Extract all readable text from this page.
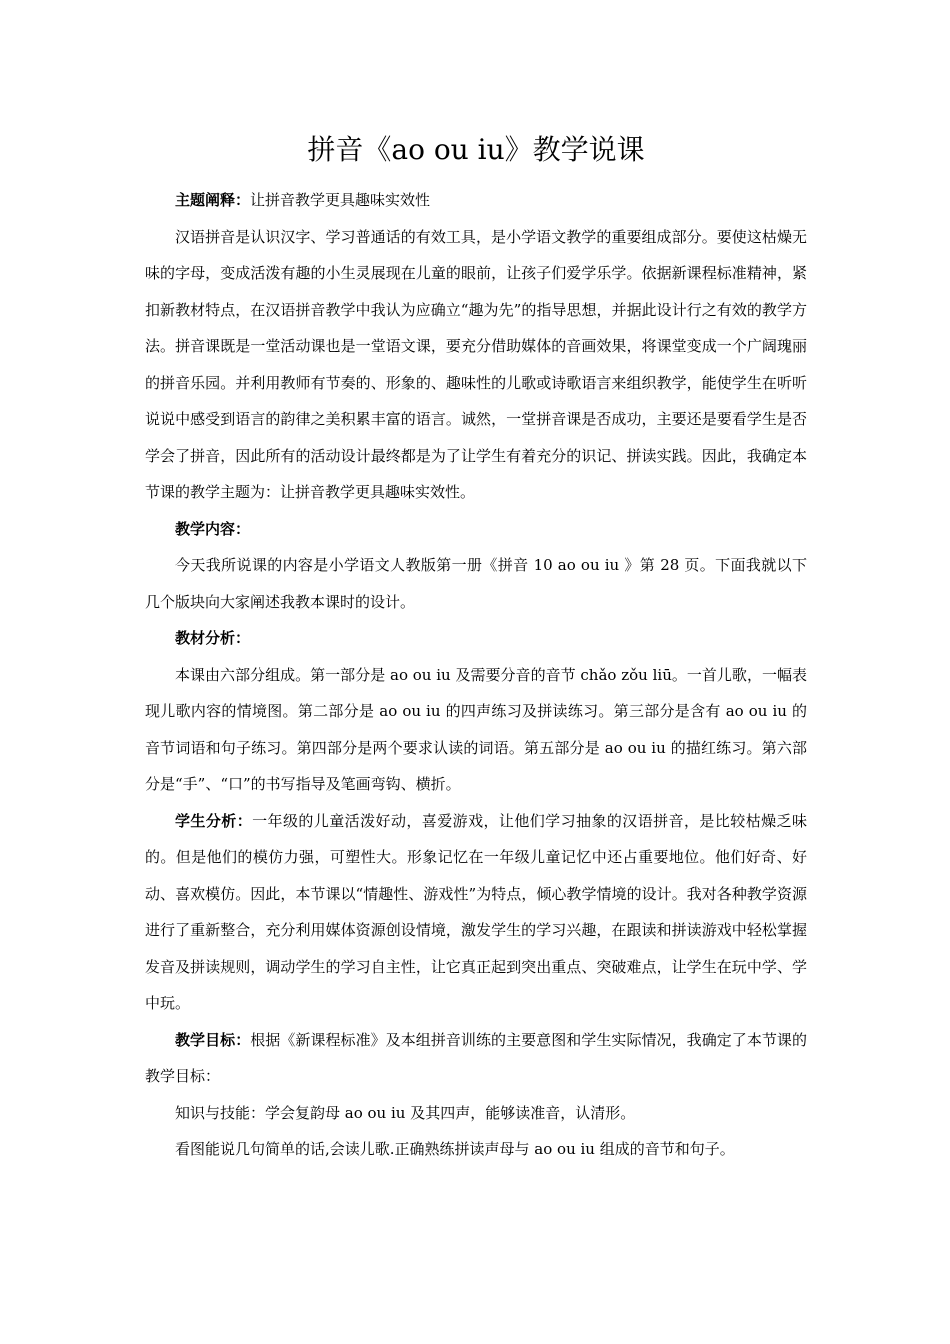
拼音《ao ou iu》教学说课

主题阐释：让拼音教学更具趣味实效性

汉语拼音是认识汉字、学习普通话的有效工具，是小学语文教学的重要组成部分。要使这枯燥无味的字母，变成活泼有趣的小生灵展现在儿童的眼前，让孩子们爱学乐学。依据新课程标准精神，紧扣新教材特点，在汉语拼音教学中我认为应确立“趣为先”的指导思想，并据此设计行之有效的教学方法。拼音课既是一堂活动课也是一堂语文课，要充分借助媒体的音画效果，将课堂变成一个广阔瑰丽的拼音乐园。并利用教师有节奏的、形象的、趣味性的儿歌或诗歌语言来组织教学，能使学生在听听说说中感受到语言的韵律之美积累丰富的语言。诚然，一堂拼音课是否成功，主要还是要看学生是否学会了拼音，因此所有的活动设计最终都是为了让学生有着充分的识记、拼读实践。因此，我确定本节课的教学主题为：让拼音教学更具趣味实效性。

教学内容：

今天我所说课的内容是小学语文人教版第一册《拼音 10 ao ou iu 》第 28 页。下面我就以下几个版块向大家阐述我教本课时的设计。

教材分析：

本课由六部分组成。第一部分是 ao ou iu 及需要分音的音节 chǎo zǒu liū。一首儿歌，一幅表现儿歌内容的情境图。第二部分是 ao ou iu 的四声练习及拼读练习。第三部分是含有 ao ou iu 的音节词语和句子练习。第四部分是两个要求认读的词语。第五部分是 ao ou iu 的描红练习。第六部分是“手”、“口”的书写指导及笔画弯钩、横折。

学生分析：一年级的儿童活泼好动，喜爱游戏，让他们学习抽象的汉语拼音，是比较枯燥乏味的。但是他们的模仿力强，可塑性大。形象记忆在一年级儿童记忆中还占重要地位。他们好奇、好动、喜欢模仿。因此，本节课以“情趣性、游戏性”为特点，倾心教学情境的设计。我对各种教学资源进行了重新整合，充分利用媒体资源创设情境，激发学生的学习兴趣，在跟读和拼读游戏中轻松掌握发音及拼读规则，调动学生的学习自主性，让它真正起到突出重点、突破难点，让学生在玩中学、学中玩。

教学目标：根据《新课程标准》及本组拼音训练的主要意图和学生实际情况，我确定了本节课的教学目标：

知识与技能：学会复韵母 ao ou iu 及其四声，能够读准音，认清形。

看图能说几句简单的话,会读儿歌.正确熟练拼读声母与 ao ou iu 组成的音节和句子。
